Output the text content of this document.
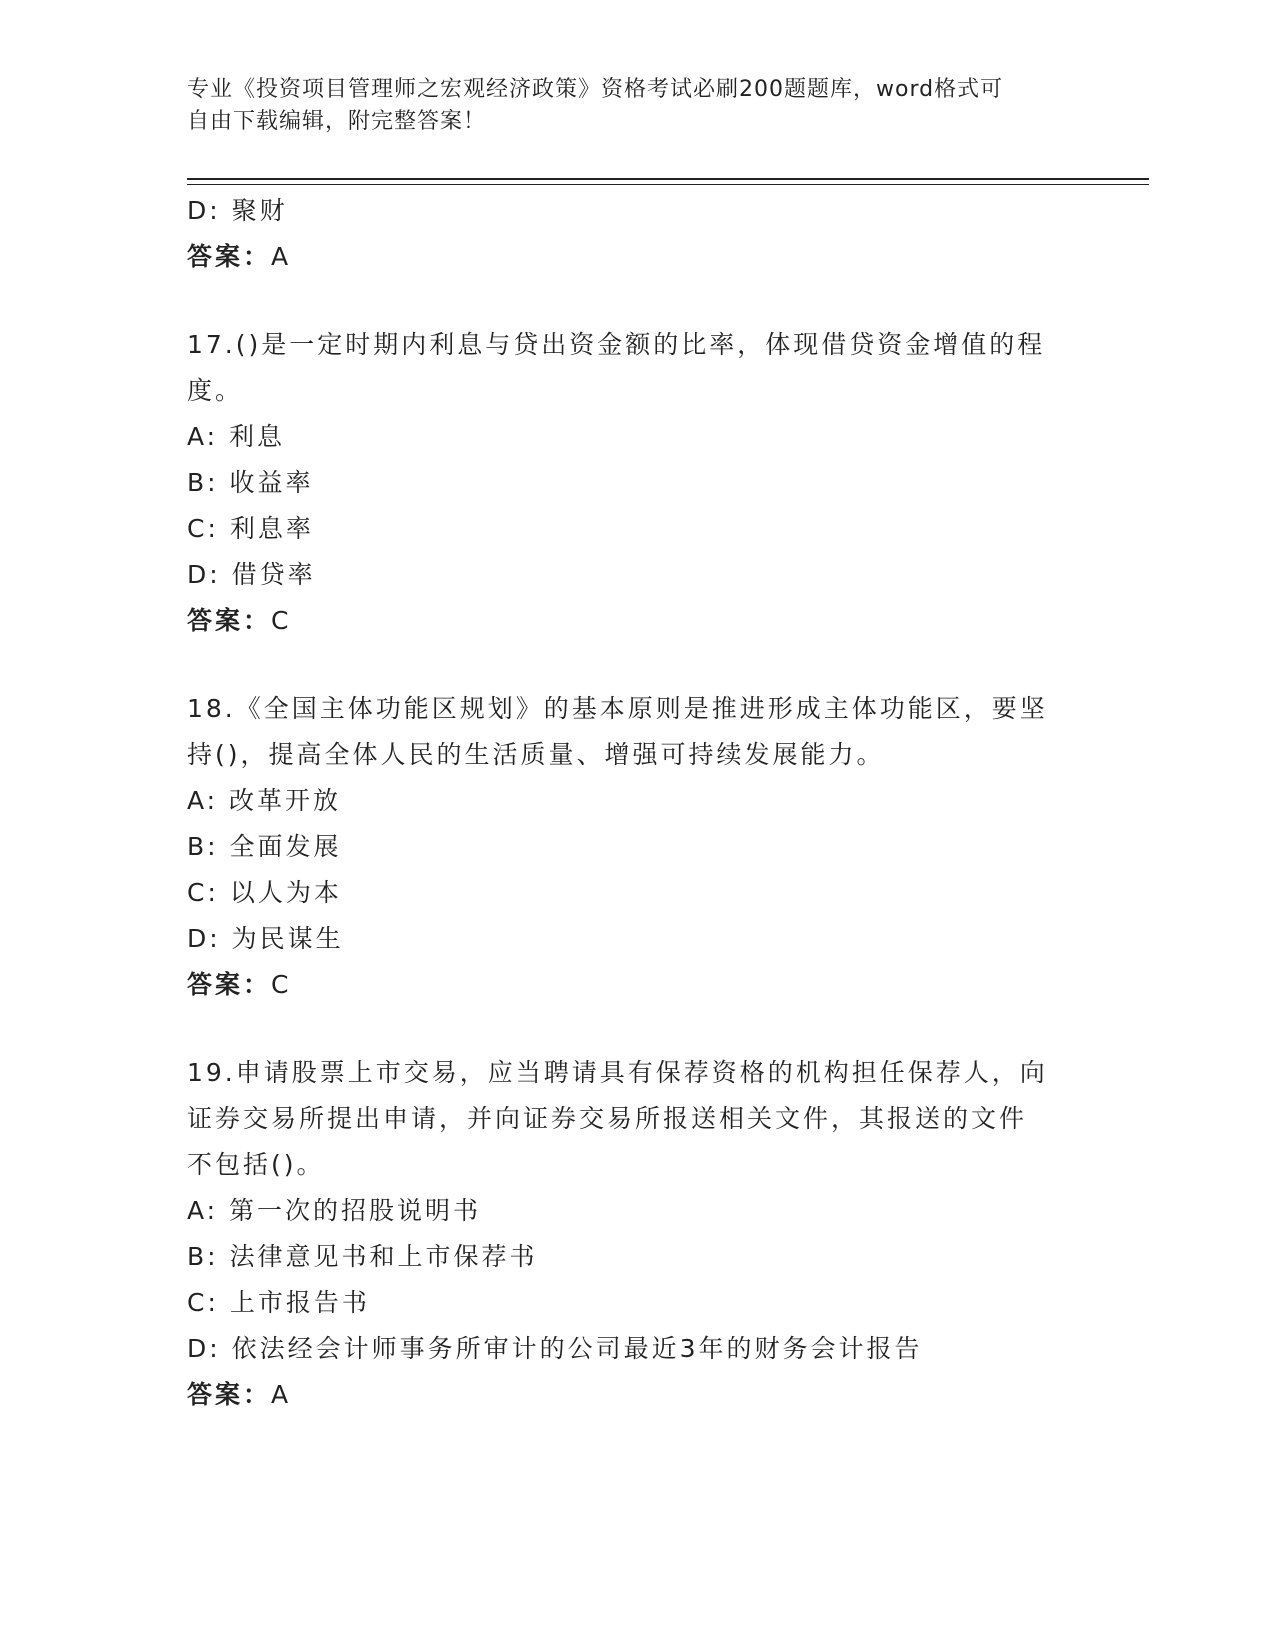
专业《投资项目管理师之宏观经济政策》资格考试必刷200题题库，word格式可
自由下载编辑，附完整答案！
D: 聚财
答案：A
17.()是一定时期内利息与贷出资金额的比率，体现借贷资金增值的程
度。
A: 利息
B: 收益率
C: 利息率
D: 借贷率
答案：C
18.《全国主体功能区规划》的基本原则是推进形成主体功能区，要坚
持()，提高全体人民的生活质量、增强可持续发展能力。
A: 改革开放
B: 全面发展
C: 以人为本
D: 为民谋生
答案：C
19.申请股票上市交易，应当聘请具有保荐资格的机构担任保荐人，向
证券交易所提出申请，并向证券交易所报送相关文件，其报送的文件
不包括()。
A: 第一次的招股说明书
B: 法律意见书和上市保荐书
C: 上市报告书
D: 依法经会计师事务所审计的公司最近3年的财务会计报告
答案：A
